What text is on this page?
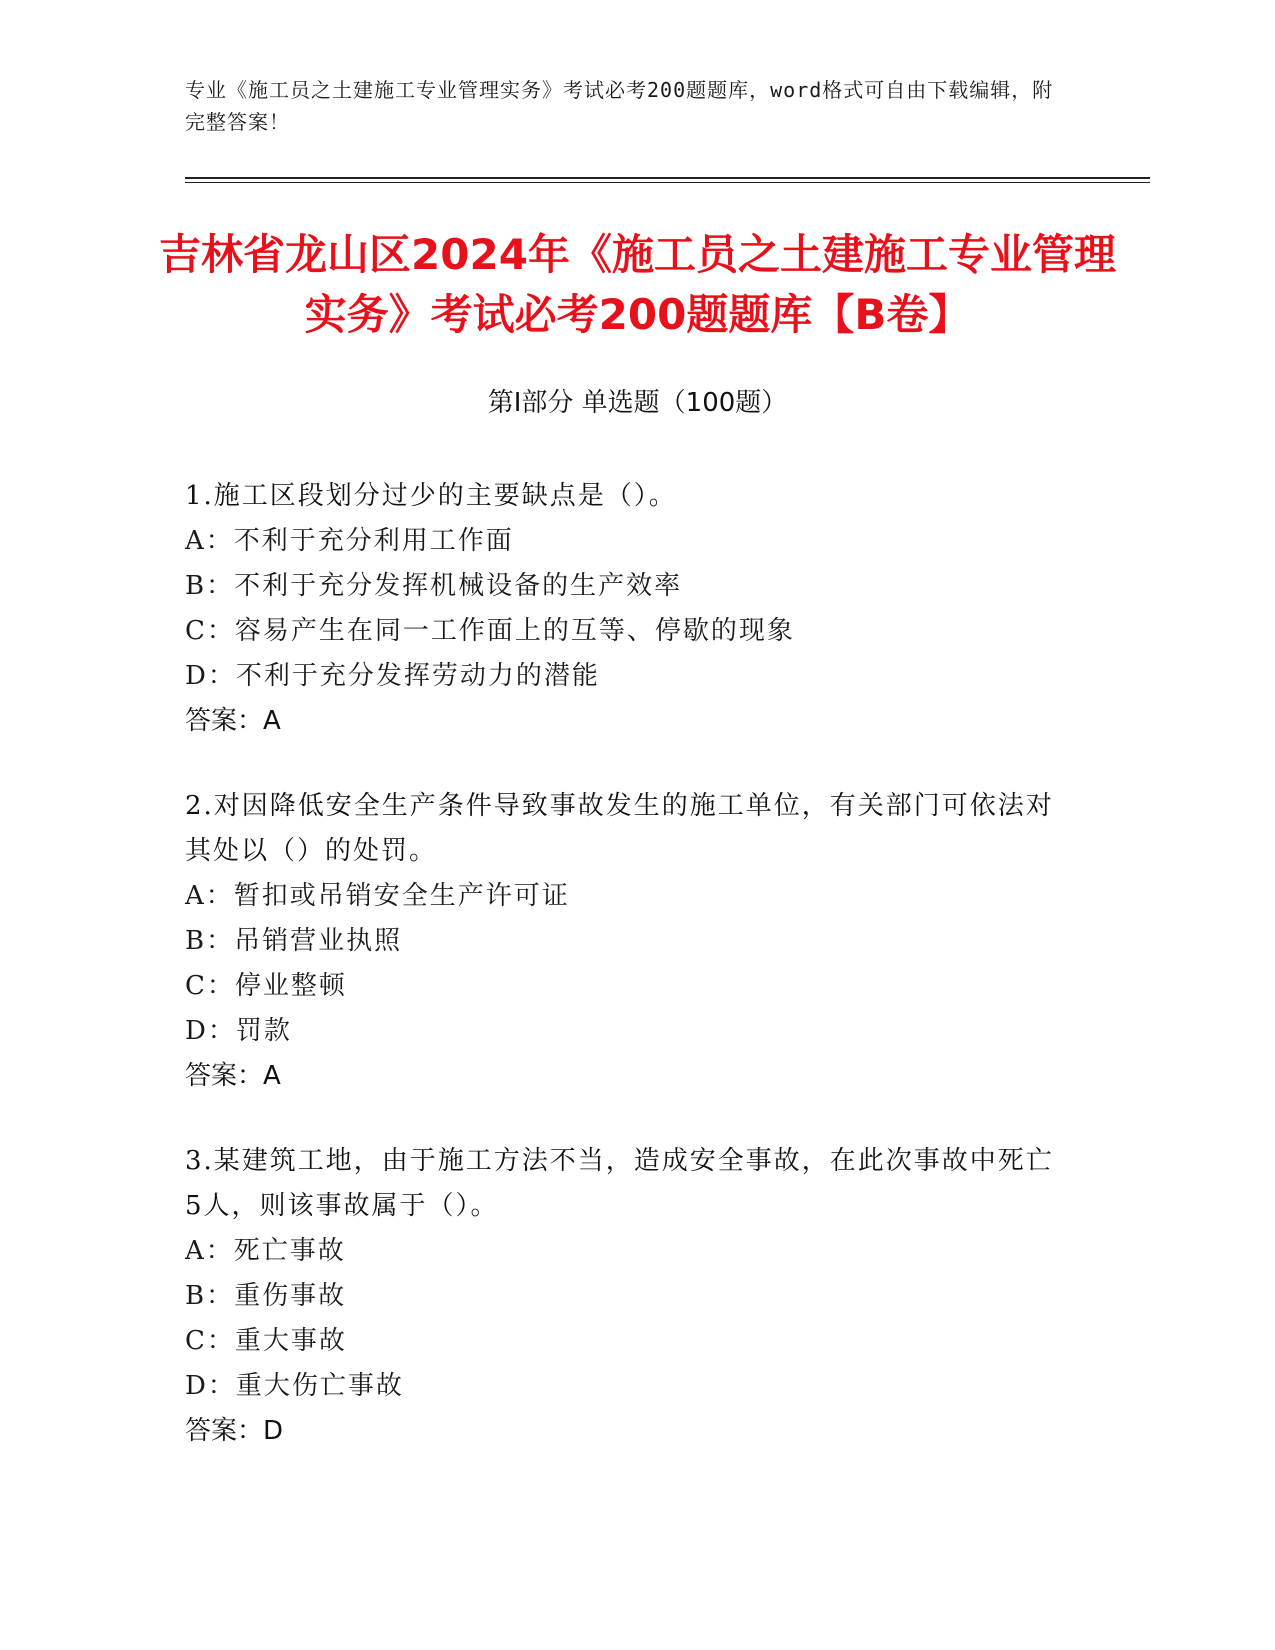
专业《施工员之土建施工专业管理实务》考试必考200题题库，word格式可自由下载编辑，附完整答案！
吉林省龙山区2024年《施工员之土建施工专业管理实务》考试必考200题题库【B卷】
第Ⅰ部分 单选题（100题）
1.施工区段划分过少的主要缺点是（）。
A：不利于充分利用工作面
B：不利于充分发挥机械设备的生产效率
C：容易产生在同一工作面上的互等、停歇的现象
D：不利于充分发挥劳动力的潜能
答案：A
2.对因降低安全生产条件导致事故发生的施工单位，有关部门可依法对其处以（）的处罚。
A：暂扣或吊销安全生产许可证
B：吊销营业执照
C：停业整顿
D：罚款
答案：A
3.某建筑工地，由于施工方法不当，造成安全事故，在此次事故中死亡5人，则该事故属于（）。
A：死亡事故
B：重伤事故
C：重大事故
D：重大伤亡事故
答案：D
